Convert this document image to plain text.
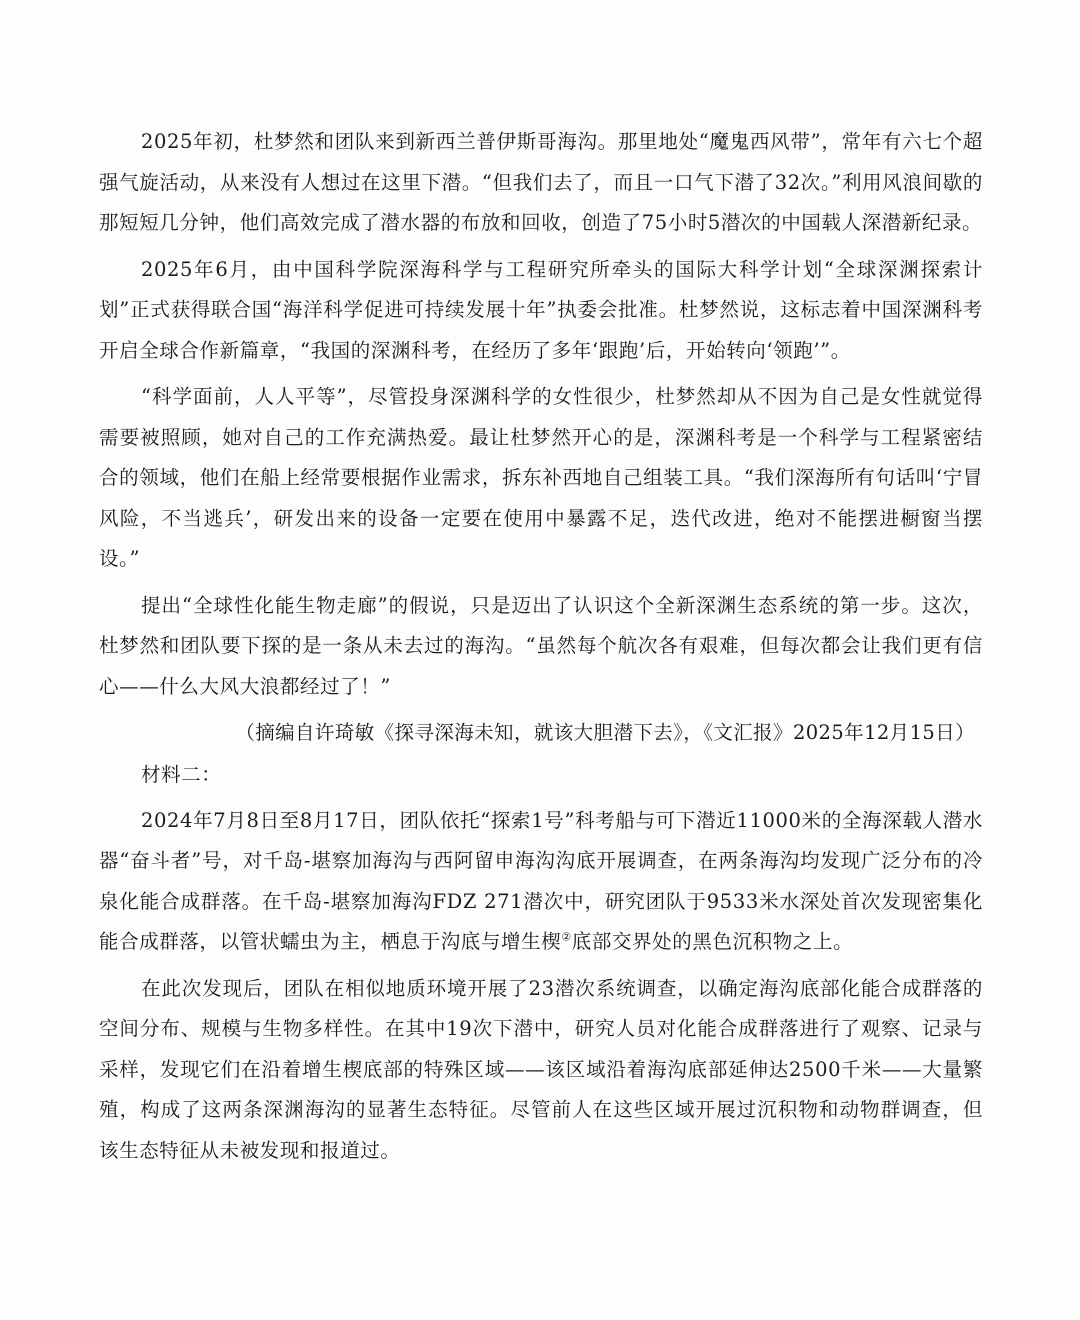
2025年初，杜梦然和团队来到新西兰普伊斯哥海沟。那里地处“魔鬼西风带”，常年有六七个超强气旋活动，从来没有人想过在这里下潜。“但我们去了，而且一口气下潜了32次。”利用风浪间歇的那短短几分钟，他们高效完成了潜水器的布放和回收，创造了75小时5潜次的中国载人深潜新纪录。

2025年6月，由中国科学院深海科学与工程研究所牵头的国际大科学计划“全球深渊探索计划”正式获得联合国“海洋科学促进可持续发展十年”执委会批准。杜梦然说，这标志着中国深渊科考开启全球合作新篇章，“我国的深渊科考，在经历了多年‘跟跑’后，开始转向‘领跑’”。

“科学面前，人人平等”，尽管投身深渊科学的女性很少，杜梦然却从不因为自己是女性就觉得需要被照顾，她对自己的工作充满热爱。最让杜梦然开心的是，深渊科考是一个科学与工程紧密结合的领域，他们在船上经常要根据作业需求，拆东补西地自己组装工具。“我们深海所有句话叫‘宁冒风险，不当逃兵’，研发出来的设备一定要在使用中暴露不足，迭代改进，绝对不能摆进橱窗当摆设。”

提出“全球性化能生物走廊”的假说，只是迈出了认识这个全新深渊生态系统的第一步。这次，杜梦然和团队要下探的是一条从未去过的海沟。“虽然每个航次各有艰难，但每次都会让我们更有信心——什么大风大浪都经过了！”

（摘编自许琦敏《探寻深海未知，就该大胆潜下去》，《文汇报》2025年12月15日）

材料二：

2024年7月8日至8月17日，团队依托“探索1号”科考船与可下潜近11000米的全海深载人潜水器“奋斗者”号，对千岛-堪察加海沟与西阿留申海沟沟底开展调查，在两条海沟均发现广泛分布的冷泉化能合成群落。在千岛-堪察加海沟FDZ 271潜次中，研究团队于9533米水深处首次发现密集化能合成群落，以管状蠕虫为主，栖息于沟底与增生楔②底部交界处的黑色沉积物之上。

在此次发现后，团队在相似地质环境开展了23潜次系统调查，以确定海沟底部化能合成群落的空间分布、规模与生物多样性。在其中19次下潜中，研究人员对化能合成群落进行了观察、记录与采样，发现它们在沿着增生楔底部的特殊区域——该区域沿着海沟底部延伸达2500千米——大量繁殖，构成了这两条深渊海沟的显著生态特征。尽管前人在这些区域开展过沉积物和动物群调查，但该生态特征从未被发现和报道过。
